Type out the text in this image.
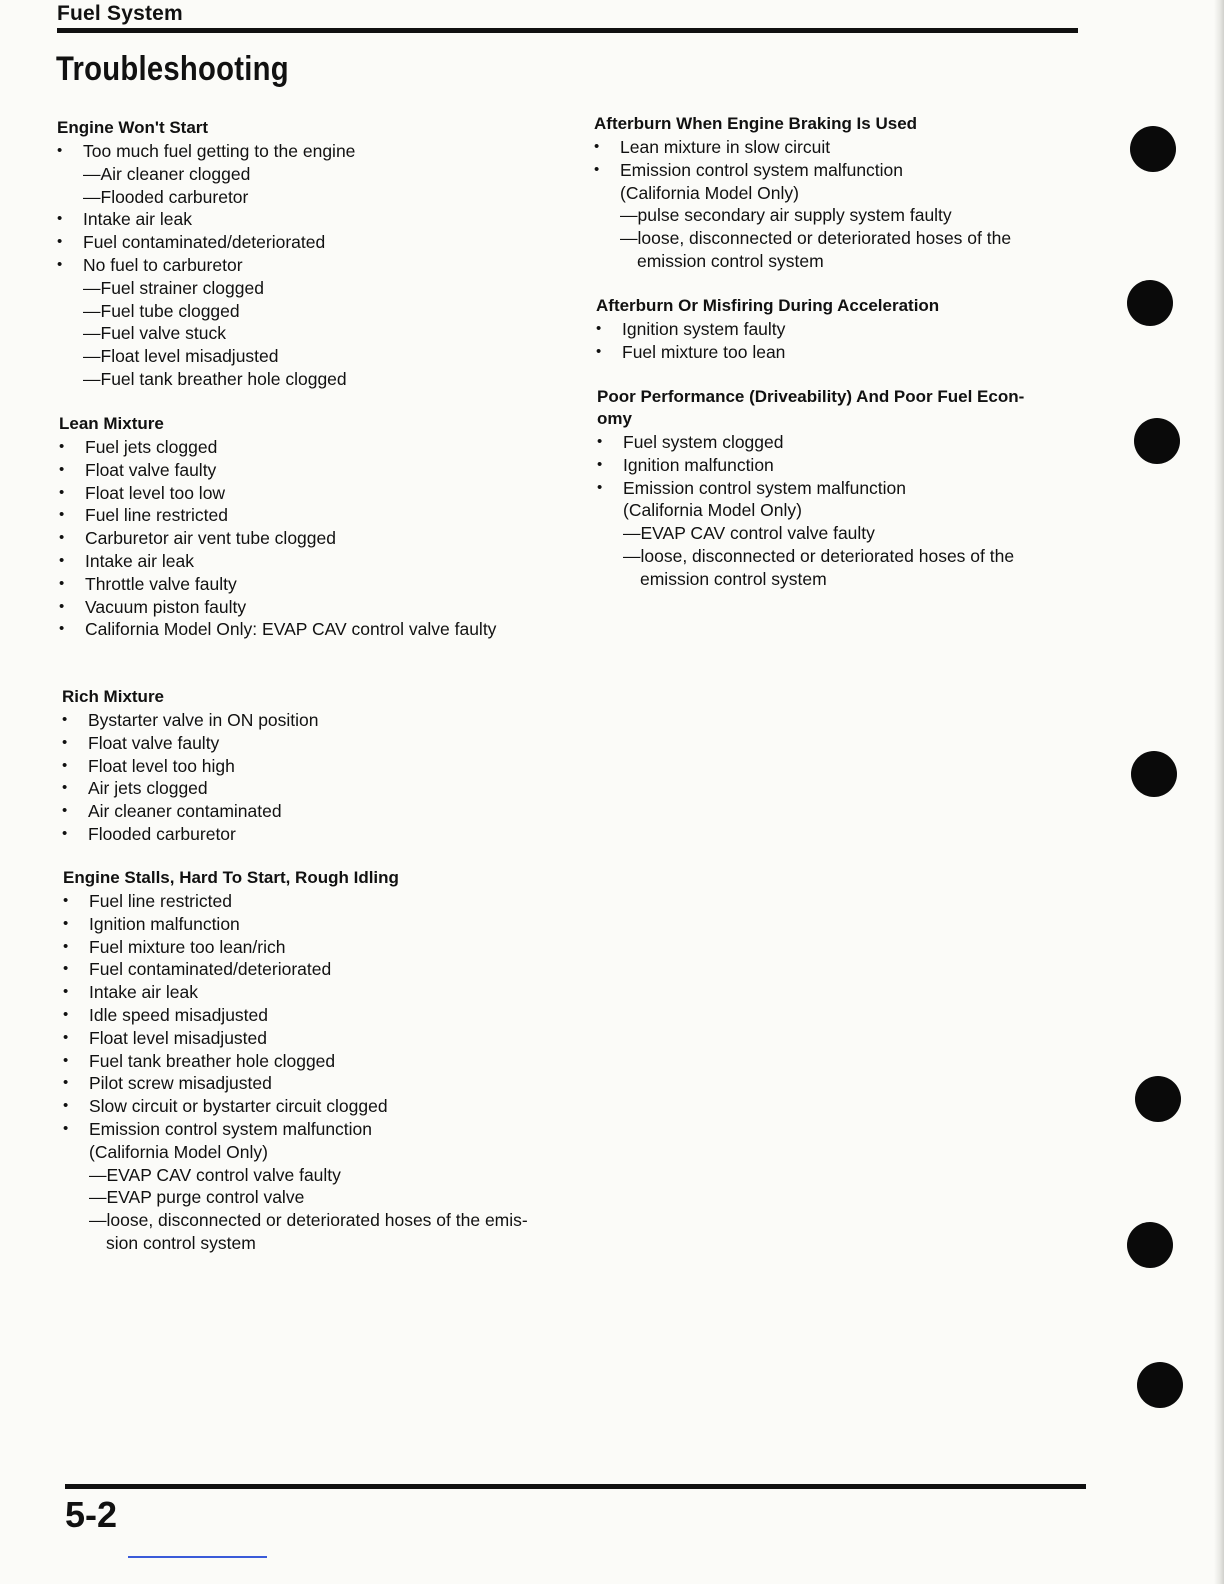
Fuel System
Troubleshooting
Engine Won't Start
•	Too much fuel getting to the engine
—Air cleaner clogged
—Flooded carburetor
•	Intake air leak
•	Fuel contaminated/deteriorated
•	No fuel to carburetor
—Fuel strainer clogged
—Fuel tube clogged
—Fuel valve stuck
—Float level misadjusted
—Fuel tank breather hole clogged
Lean Mixture
•	Fuel jets clogged
•	Float valve faulty
•	Float level too low
•	Fuel line restricted
•	Carburetor air vent tube clogged
•	Intake air leak
•	Throttle valve faulty
•	Vacuum piston faulty
•	California Model Only: EVAP CAV control valve faulty
Rich Mixture
•	Bystarter valve in ON position
•	Float valve faulty
•	Float level too high
•	Air jets clogged
•	Air cleaner contaminated
•	Flooded carburetor
Engine Stalls, Hard To Start, Rough Idling
•	Fuel line restricted
•	Ignition malfunction
•	Fuel mixture too lean/rich
•	Fuel contaminated/deteriorated
•	Intake air leak
•	Idle speed misadjusted
•	Float level misadjusted
•	Fuel tank breather hole clogged
•	Pilot screw misadjusted
•	Slow circuit or bystarter circuit clogged
•	Emission control system malfunction
(California Model Only)
—EVAP CAV control valve faulty
—EVAP purge control valve
—loose, disconnected or deteriorated hoses of the emis-
sion control system
Afterburn When Engine Braking Is Used
•	Lean mixture in slow circuit
•	Emission control system malfunction
(California Model Only)
—pulse secondary air supply system faulty
—loose, disconnected or deteriorated hoses of the
emission control system
Afterburn Or Misfiring During Acceleration
•	Ignition system faulty
•	Fuel mixture too lean
Poor Performance (Driveability) And Poor Fuel Econ-
omy
•	Fuel system clogged
•	Ignition malfunction
•	Emission control system malfunction
(California Model Only)
—EVAP CAV control valve faulty
—loose, disconnected or deteriorated hoses of the
emission control system
5-2
